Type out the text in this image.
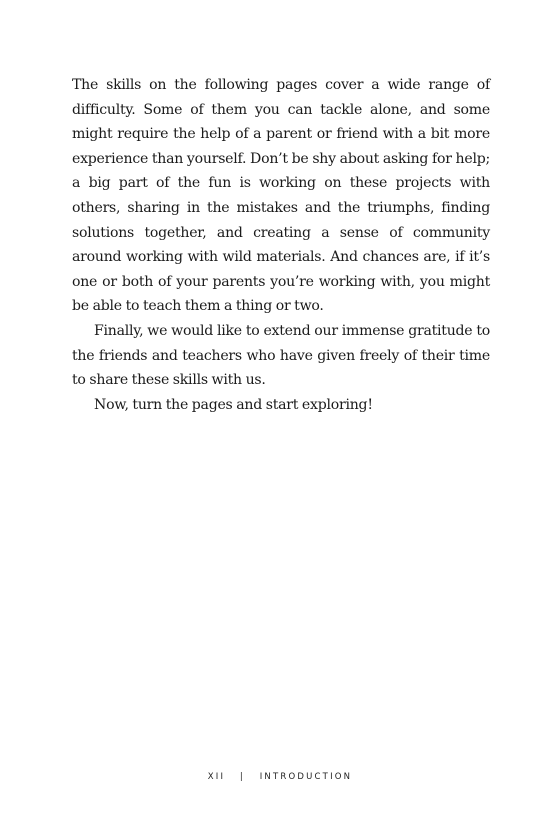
The skills on the following pages cover a wide range of difficulty. Some of them you can tackle alone, and some might require the help of a parent or friend with a bit more experience than yourself. Don’t be shy about asking for help; a big part of the fun is working on these projects with others, sharing in the mistakes and the triumphs, finding solutions together, and creating a sense of community around working with wild materials. And chances are, if it’s one or both of your parents you’re working with, you might be able to teach them a thing or two.

Finally, we would like to extend our immense gratitude to the friends and teachers who have given freely of their time to share these skills with us.

Now, turn the pages and start exploring!

XII | INTRODUCTION
